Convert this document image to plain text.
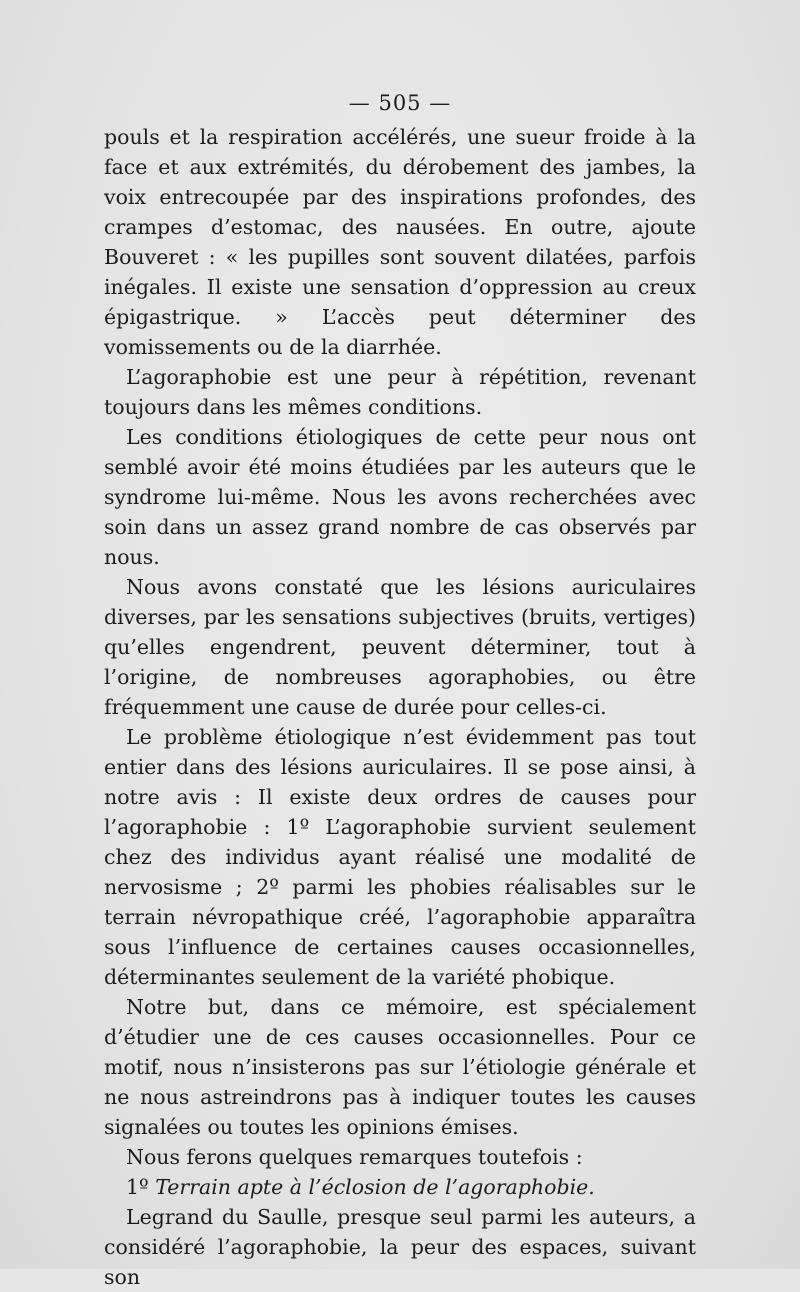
— 505 —

pouls et la respiration accélérés, une sueur froide à la face et aux extrémités, du dérobement des jambes, la voix entrecoupée par des inspirations profondes, des crampes d’estomac, des nausées. En outre, ajoute Bouveret : « les pupilles sont souvent dilatées, parfois inégales. Il existe une sensation d’oppression au creux épigastrique. » L’accès peut déterminer des vomissements ou de la diarrhée.

L’agoraphobie est une peur à répétition, revenant toujours dans les mêmes conditions.

Les conditions étiologiques de cette peur nous ont semblé avoir été moins étudiées par les auteurs que le syndrome lui-même. Nous les avons recherchées avec soin dans un assez grand nombre de cas observés par nous.

Nous avons constaté que les lésions auriculaires diverses, par les sensations subjectives (bruits, vertiges) qu’elles engendrent, peuvent déterminer, tout à l’origine, de nombreuses agoraphobies, ou être fréquemment une cause de durée pour celles-ci.

Le problème étiologique n’est évidemment pas tout entier dans des lésions auriculaires. Il se pose ainsi, à notre avis : Il existe deux ordres de causes pour l’agoraphobie : 1º L’agoraphobie survient seulement chez des individus ayant réalisé une modalité de nervosisme ; 2º parmi les phobies réalisables sur le terrain névropathique créé, l’agoraphobie apparaîtra sous l’influence de certaines causes occasionnelles, déterminantes seulement de la variété phobique.

Notre but, dans ce mémoire, est spécialement d’étudier une de ces causes occasionnelles. Pour ce motif, nous n’insisterons pas sur l’étiologie générale et ne nous astreindrons pas à indiquer toutes les causes signalées ou toutes les opinions émises.

Nous ferons quelques remarques toutefois :

1º Terrain apte à l’éclosion de l’agoraphobie.

Legrand du Saulle, presque seul parmi les auteurs, a considéré l’agoraphobie, la peur des espaces, suivant son
